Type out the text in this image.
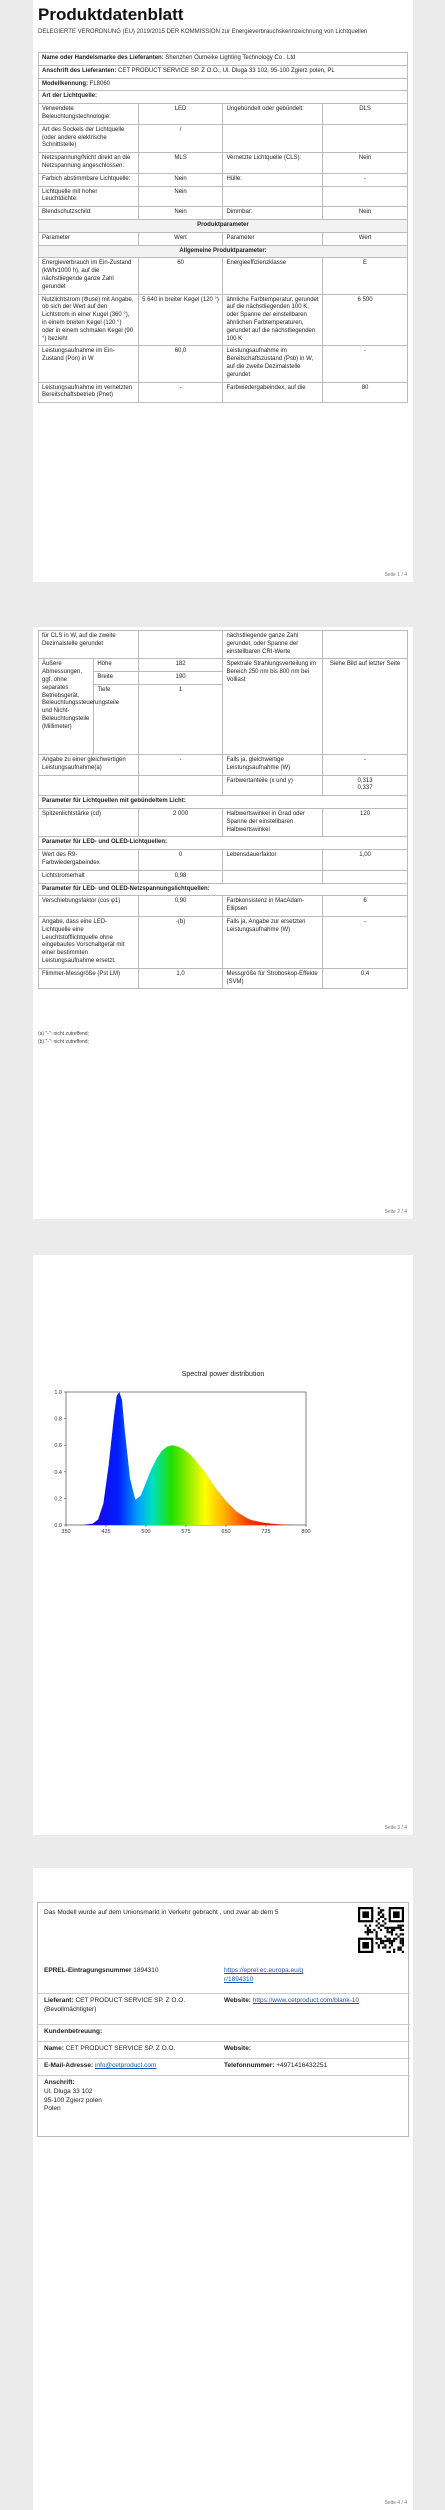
Produktdatenblatt
DELEGIERTE VERORDNUNG (EU) 2019/2015 DER KOMMISSION zur Energieverbrauchskennzeichnung von Lichtquellen
Name oder Handelsmarke des Lieferanten: Shenzhen Oumeike Lighting Technology Co . Ltd			
Anschrift des Lieferanten: CET PRODUCT SERVICE SP. Z O.O., Ul. Dluga 33 102, 95-100 Zgierz polen, PL			
Modellkennung: FL8060			
Art der Lichtquelle:			
Verwendete Beleuchtungstechnologie:	LED	Ungebündelt oder gebündelt:	DLS
Art des Sockels der Lichtquelle (oder andere elektrische Schnittstelle)	/		
Netzspannung/Nicht direkt an die Netzspannung angeschlossen:	MLS	Vernetzte Lichtquelle (CLS):	Nein
Farbich abstimmbare Lichtquelle:	Nein	Hülle:	-
Lichtquelle mit hoher Leuchtdichte:	Nein		
Blendschutzschild:	Nein	Dimmbar:	Nein
Produktparameter			
Parameter	Wert	Parameter	Wert
Allgemeine Produktparameter:			
Energieverbrauch im Ein-Zustand (kWh/1000 h), auf die nächstliegende ganze Zahl gerundet	60	Energieeffizienzklasse	E
Nutzlichtstrom (Φuse) mit Angabe, ob sich der Wert auf den Lichtstrom in einer Kugel (360 °), in einem breiten Kegel (120 °) oder in einem schmalen Kegel (90 °) bezieht	5 640 in breiter Kegel (120 °)	ähnliche Farbtemperatur, gerundet auf die nächstliegenden 100 K, oder Spanne der einstellbaren ähnlichen Farbtemperaturen, gerundet auf die nächstliegenden 100 K	6 500
Leistungsaufnahme im Ein-Zustand (Pon) in W	60,0	Leistungsaufnahme im Bereitschaftszustand (Psb) in W, auf die zweite Dezimalstelle gerundet	-
Leistungsaufnahme im vernetzten Bereitschaftsbetrieb (Pnet)	-	Farbwiedergabeindex, auf die	80
Seite 1 / 4
für CLS in W, auf die zweite Dezimalstelle gerundet			nächstliegende ganze Zahl gerundet, oder Spanne der einstellbaren CRI-Werte	
Äußere Abmessungen, ggf. ohne separates Betriebsgerät, Beleuchtungssteuerungsteile und Nicht-Beleuchtungsteile (Millimeter)	Höhe	182	Spektrale Strahlungsverteilung im Bereich 250 nm bis 800 nm bei Volllast	Siehe Bild auf letzter Seite
	Breite	190		
	Tiefe	1		
Angabe zu einer gleichwertigen Leistungsaufnahme(a)		-	Falls ja, gleichwertige Leistungsaufnahme (W)	-
			Farbwertanteile (x und y)	0,313
0,337
Parameter für Lichtquellen mit gebündeltem Licht:				
Spitzenlichtstärke (cd)		2 000	Halbwertswinkel in Grad oder Spanne der einstellbaren Halbwertswinkel	120
Parameter für LED- und OLED-Lichtquellen:				
Wert des R9-Farbwiedergabeindex		0	Lebensdauerfaktor	1,00
Lichtstromerhalt		0,98		
Parameter für LED- und OLED-Netzspannungslichtquellen:				
Verschiebungsfaktor (cos φ1)		0,90	Farbkonsistenz in MacAdam-Ellipsen	6
Angabe, dass eine LED-Lichtquelle eine Leuchtstofflichtquelle ohne eingebautes Vorschaltgerät mit einer bestimmten Leistungsaufnahme ersetzt.		-(b)	Falls ja, Angabe zur ersetzten Leistungsaufnahme (W)	-
Flimmer-Messgröße (Pst LM)		1,0	Messgröße für Stroboskop-Effekte (SVM)	0,4
(a) "-": nicht zutreffend;
(b) "-": nicht zutreffend;
Seite 2 / 4
Spectral power distribution
350	425	500	575	650	725	800
0.0
0.2
0.4
0.6
0.8
1.0
Seite 3 / 4
Das Modell wurde auf dem Unionsmarkt in Verkehr gebracht , und zwar ab dem 5
EPREL-Eintragungsnummer 1894310	https://eprel.ec.europa.eu/qr/1894310
Lieferant: CET PRODUCT SERVICE SP. Z O.O. (Bevollmächtigter)
Website: https://www.cetproduct.com/blank-10
Kundenbetreuung:
Name: CET PRODUCT SERVICE SP. Z O.O.	Website:
E-Mail-Adresse: info@cetproduct.com	Telefonnummer: +4971416432251
Anschrift:
Ul. Dluga 33 102
95-100 Zgierz polen
Polen
Seite 4 / 4
